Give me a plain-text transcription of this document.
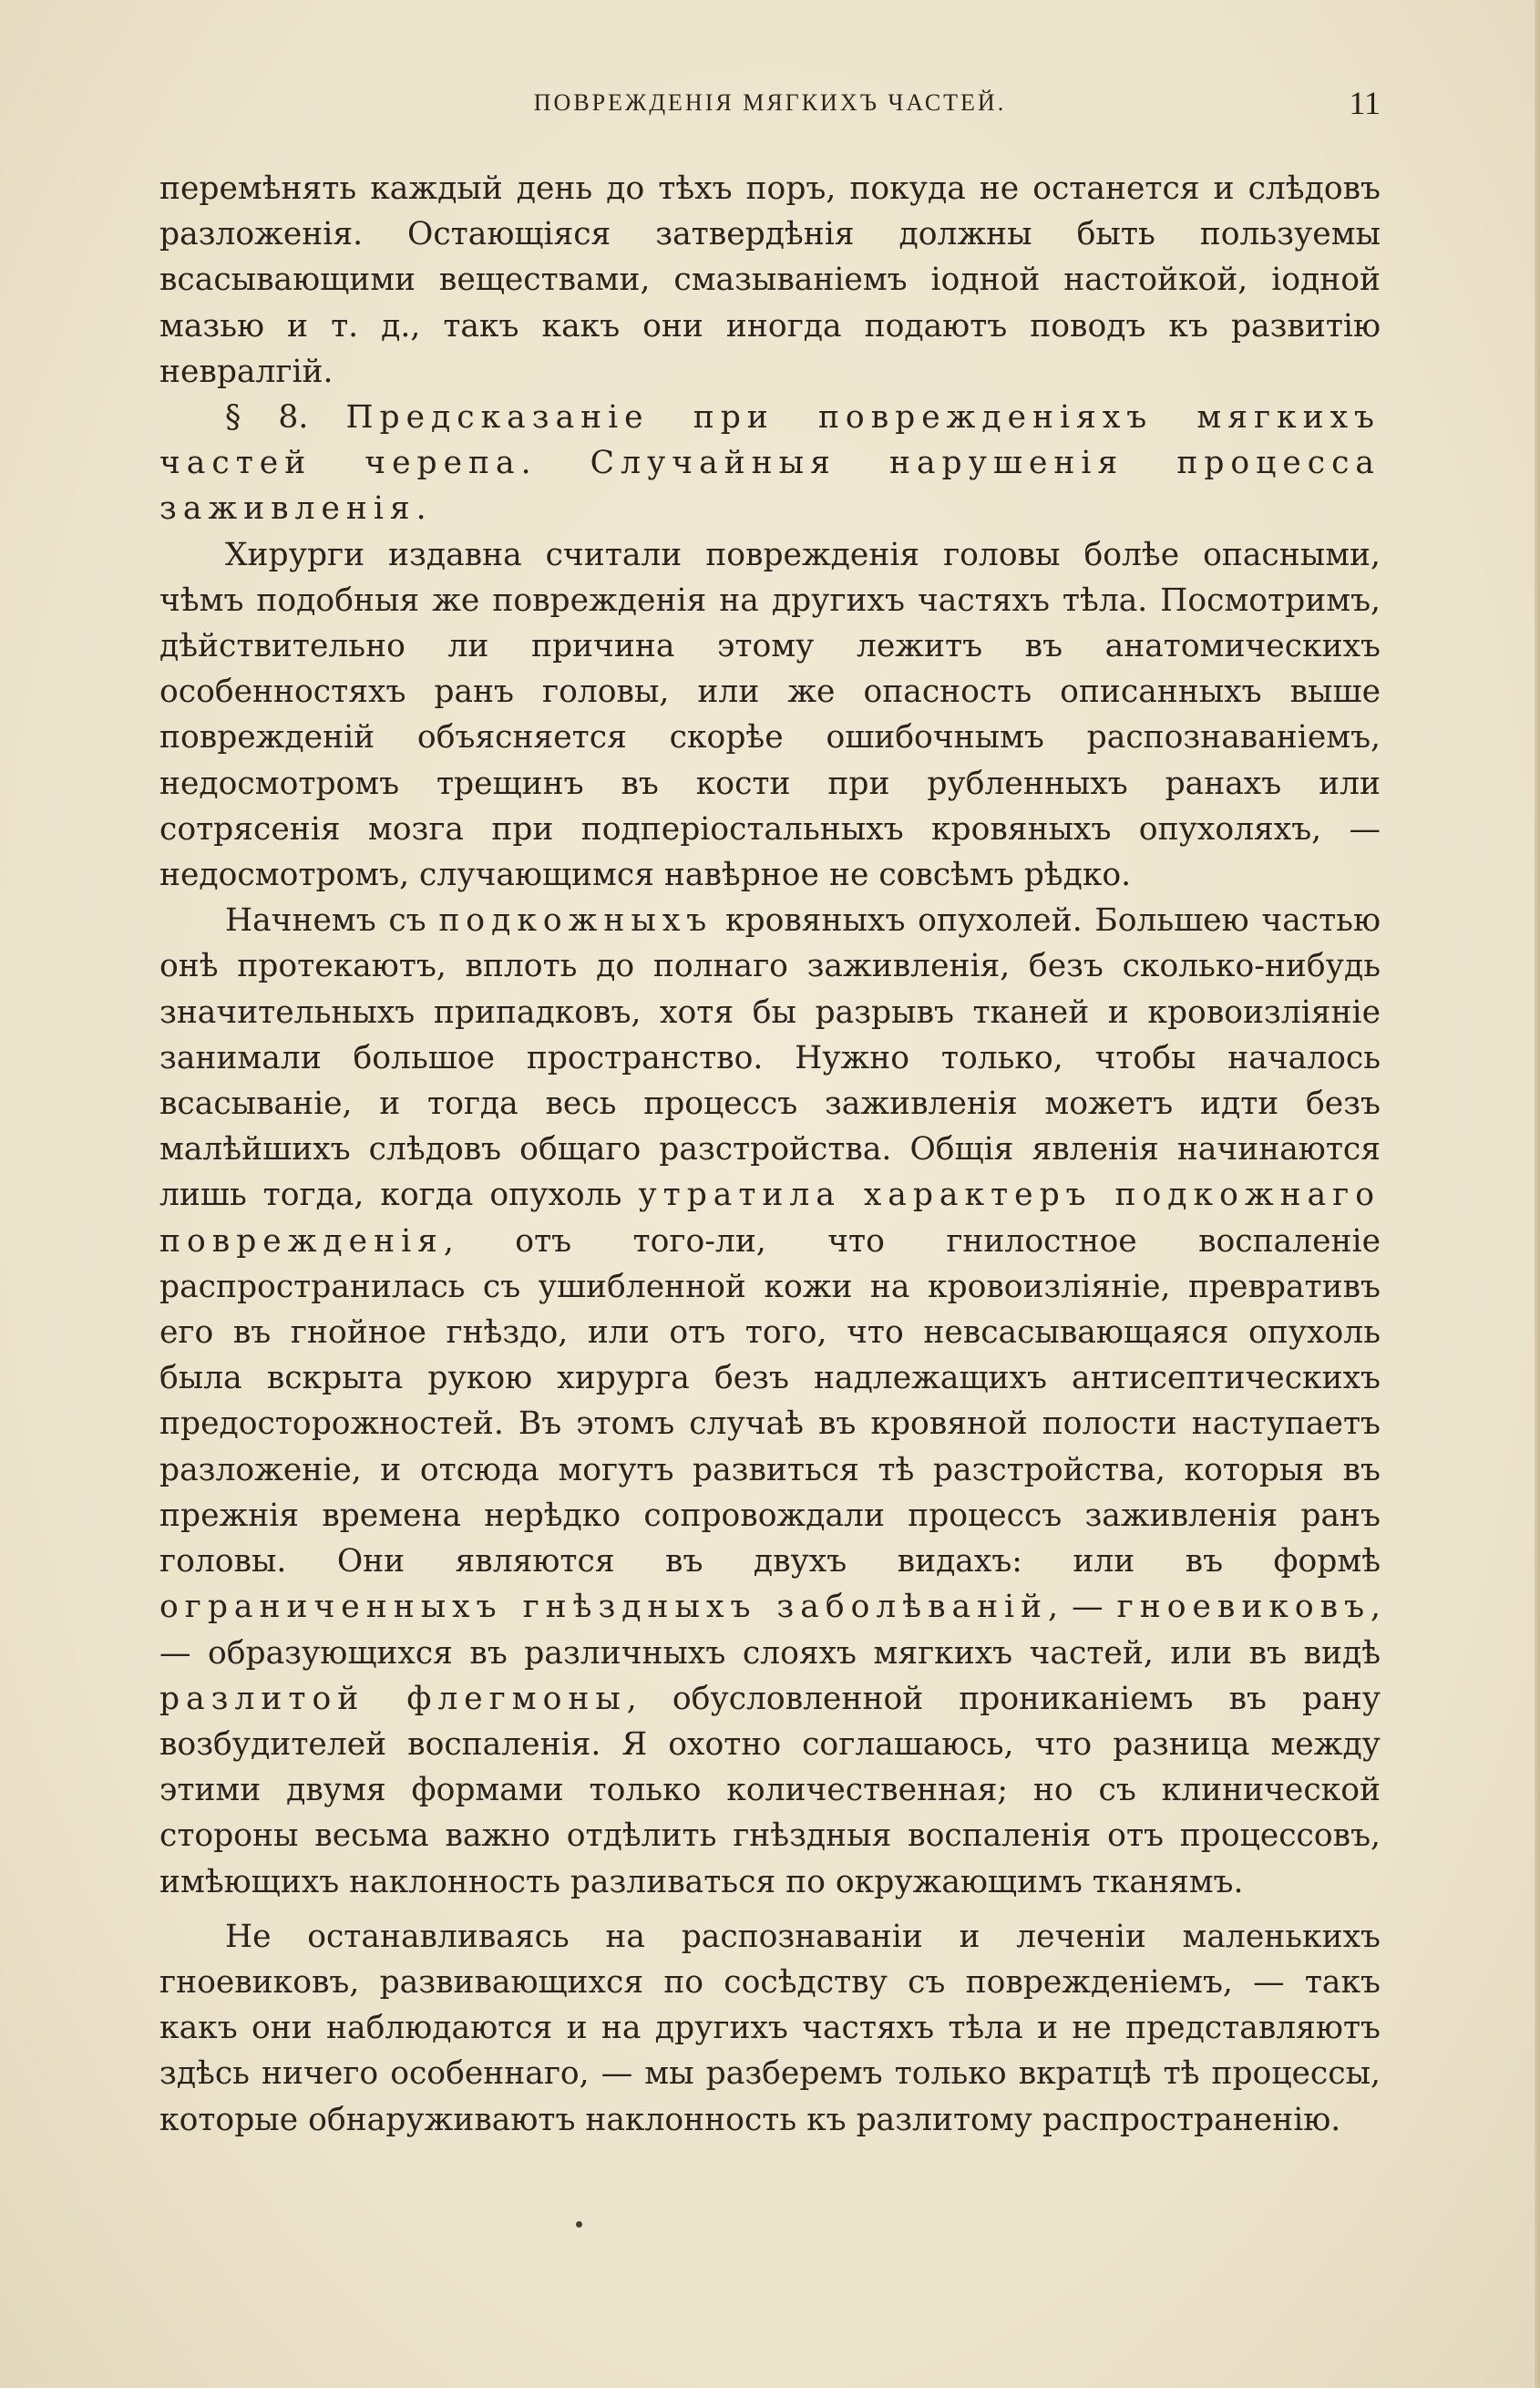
ПОВРЕЖДЕНІЯ МЯГКИХЪ ЧАСТЕЙ.	11

перемѣнять каждый день до тѣхъ поръ, покуда не останется и слѣдовъ разложенія. Остающіяся затвердѣнія должны быть пользуемы всасывающими веществами, смазываніемъ іодной настойкой, іодной мазью и т. д., такъ какъ они иногда подаютъ поводъ къ развитію невралгій.

§ 8. Предсказаніе при поврежденіяхъ мягкихъ частей черепа. Случайныя нарушенія процесса заживленія.

Хирурги издавна считали поврежденія головы болѣе опасными, чѣмъ подобныя же поврежденія на другихъ частяхъ тѣла. Посмотримъ, дѣйствительно ли причина этому лежитъ въ анатомическихъ особенностяхъ ранъ головы, или же опасность описанныхъ выше поврежденій объясняется скорѣе ошибочнымъ распознаваніемъ, недосмотромъ трещинъ въ кости при рубленныхъ ранахъ или сотрясенія мозга при подперіостальныхъ кровяныхъ опухоляхъ, —недосмотромъ, случающимся навѣрное не совсѣмъ рѣдко.

Начнемъ съ подкожныхъ кровяныхъ опухолей. Большею частью онѣ протекаютъ, вплоть до полнаго заживленія, безъ сколько-нибудь значительныхъ припадковъ, хотя бы разрывъ тканей и кровоизліяніе занимали большое пространство. Нужно только, чтобы началось всасываніе, и тогда весь процессъ заживленія можетъ идти безъ малѣйшихъ слѣдовъ общаго разстройства. Общія явленія начинаются лишь тогда, когда опухоль утратила характеръ подкожнаго поврежденія, отъ того-ли, что гнилостное воспаленіе распространилась съ ушибленной кожи на кровоизліяніе, превративъ его въ гнойное гнѣздо, или отъ того, что невсасывающаяся опухоль была вскрыта рукою хирурга безъ надлежащихъ антисептическихъ предосторожностей. Въ этомъ случаѣ въ кровяной полости наступаетъ разложеніе, и отсюда могутъ развиться тѣ разстройства, которыя въ прежнія времена нерѣдко сопровождали процессъ заживленія ранъ головы. Они являются въ двухъ видахъ: или въ формѣ ограниченныхъ гнѣздныхъ заболѣваній, — гноевиковъ, — образующихся въ различныхъ слояхъ мягкихъ частей, или въ видѣ разлитой флегмоны, обусловленной прониканіемъ въ рану возбудителей воспаленія. Я охотно соглашаюсь, что разница между этими двумя формами только количественная; но съ клинической стороны весьма важно отдѣлить гнѣздныя воспаленія отъ процессовъ, имѣющихъ наклонность разливаться по окружающимъ тканямъ.

Не останавливаясь на распознаваніи и леченіи маленькихъ гноевиковъ, развивающихся по сосѣдству съ поврежденіемъ, — такъ какъ они наблюдаются и на другихъ частяхъ тѣла и не представляютъ здѣсь ничего особеннаго, — мы разберемъ только вкратцѣ тѣ процессы, которые обнаруживаютъ наклонность къ разлитому распространенію.
